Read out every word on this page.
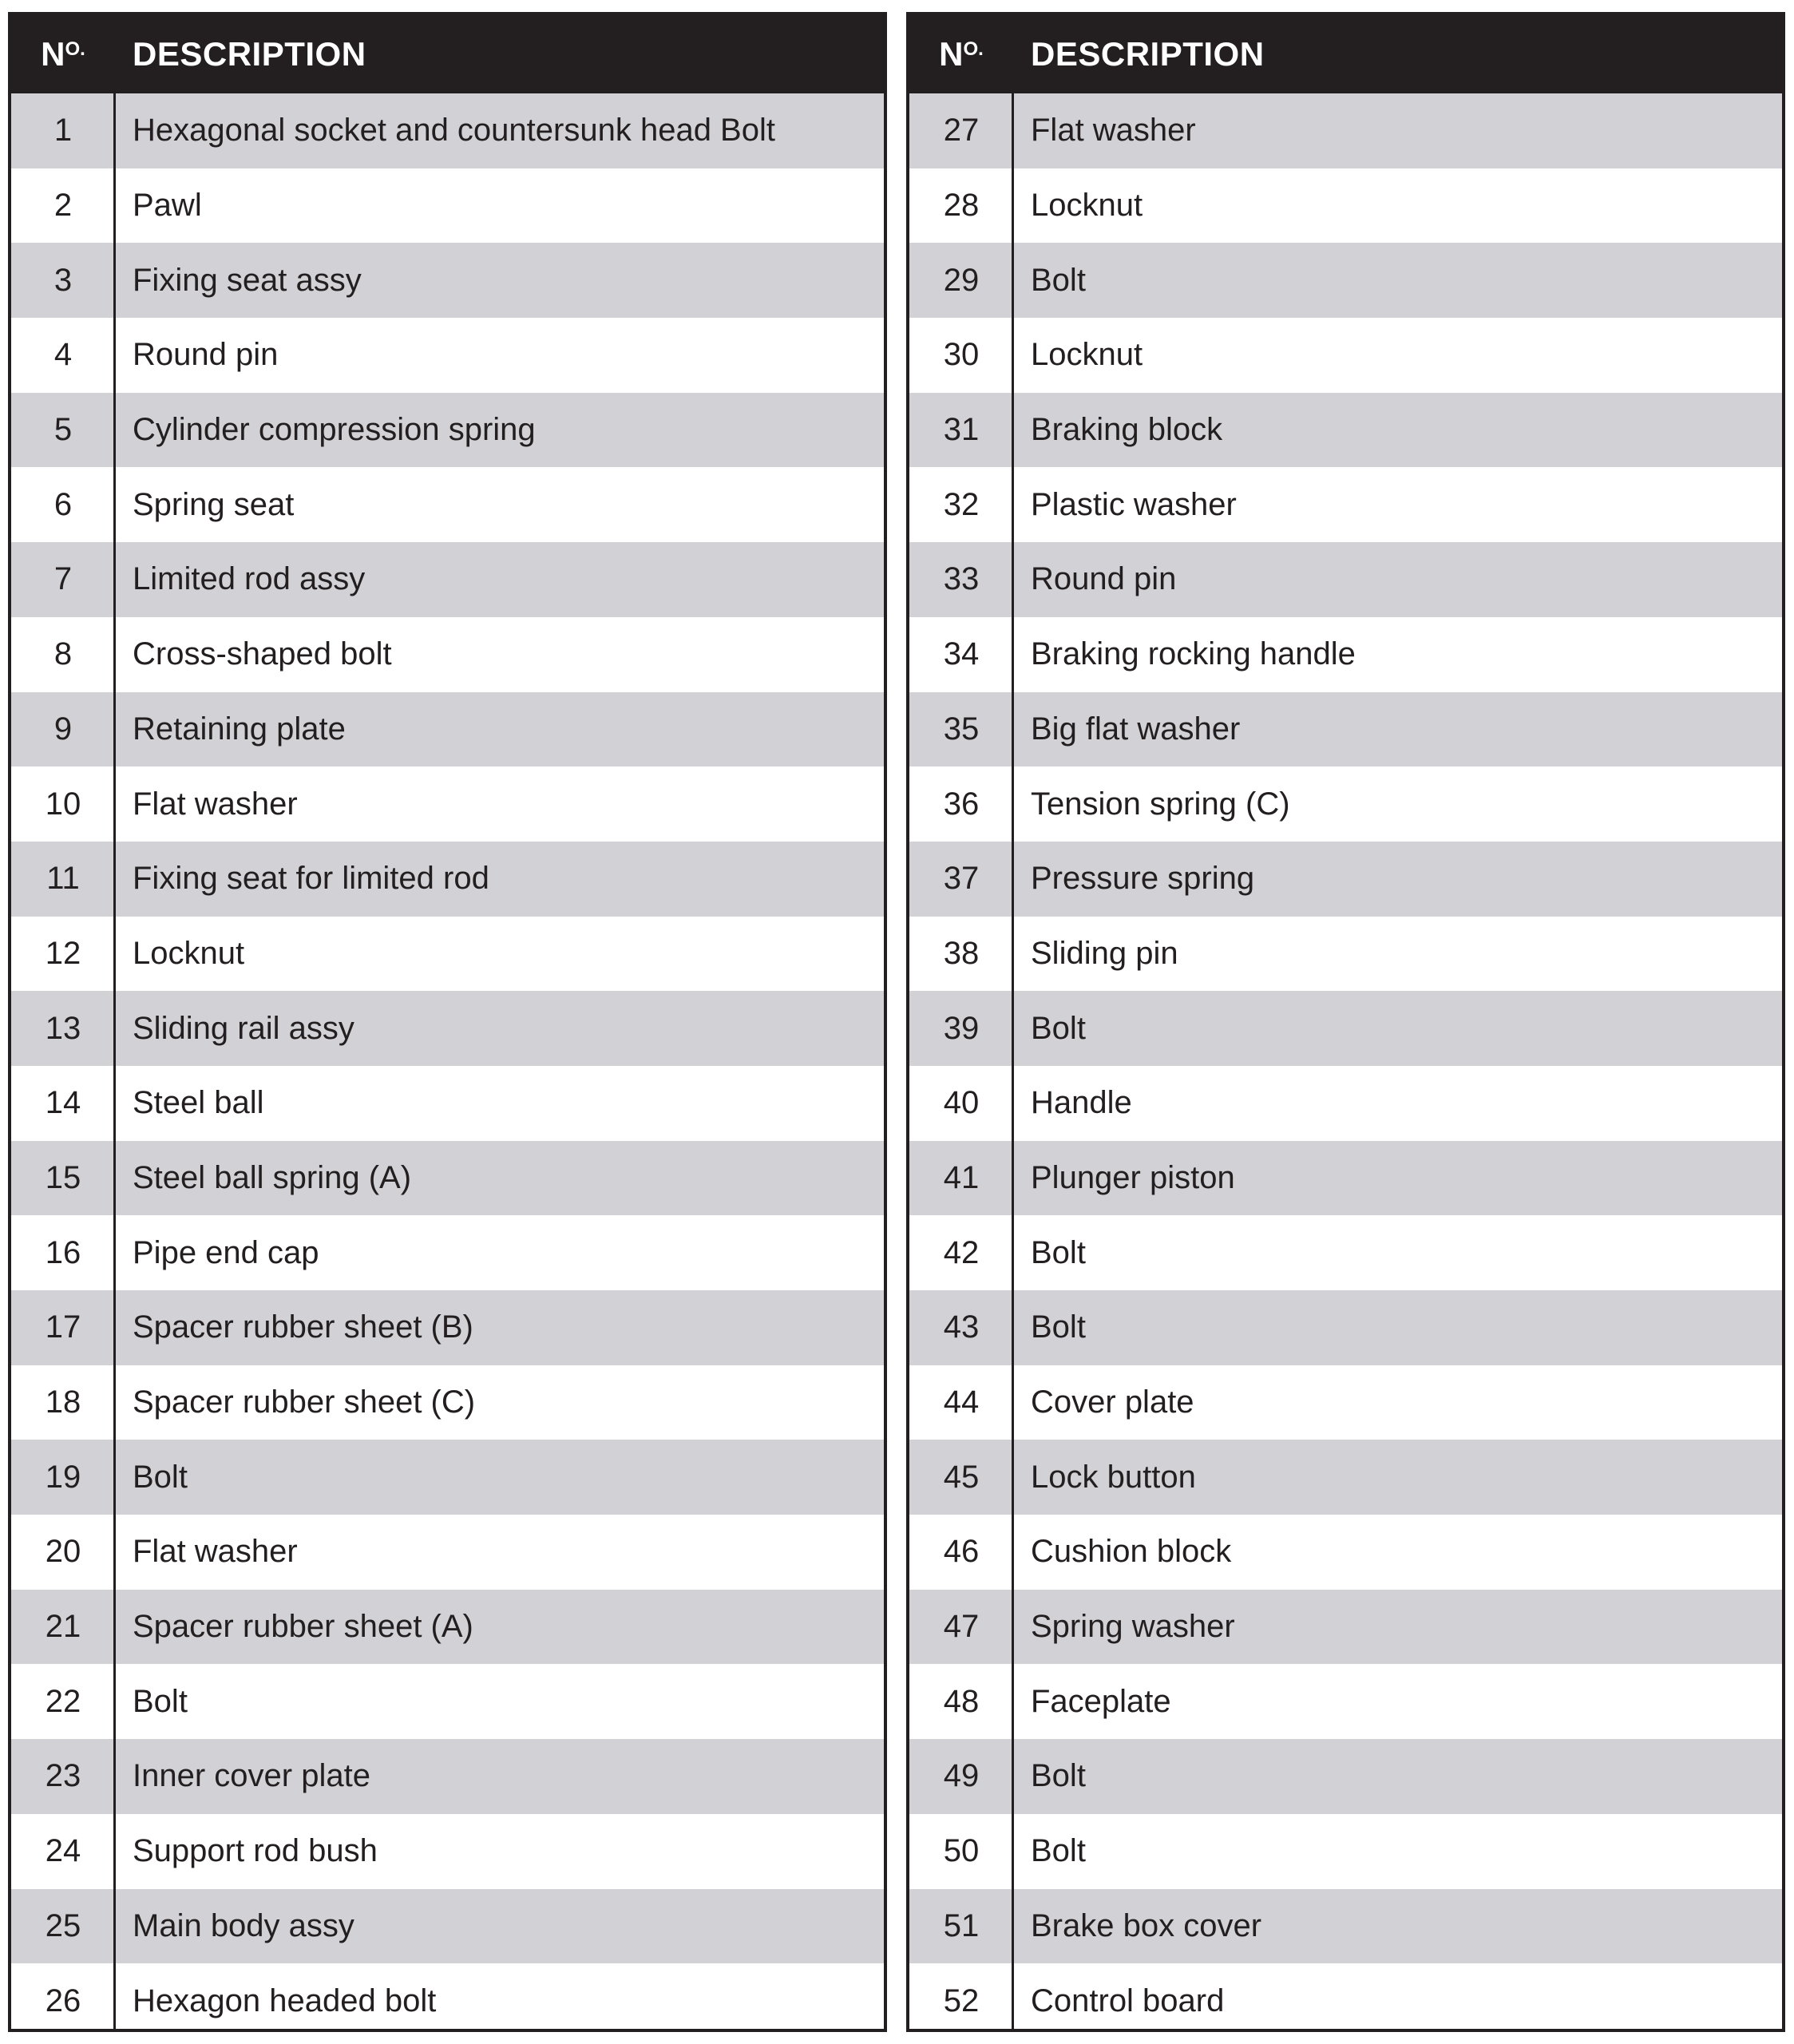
$N^{O.}$ DESCRIPTION
1	Hexagonal socket and countersunk head Bolt
2	Pawl
3	Fixing seat assy
4	Round pin
5	Cylinder compression spring
6	Spring seat
7	Limited rod assy
8	Cross-shaped bolt
9	Retaining plate
10	Flat washer
11	Fixing seat for limited rod
12	Locknut
13	Sliding rail assy
14	Steel ball
15	Steel ball spring (A)
16	Pipe end cap
17	Spacer rubber sheet (B)
18	Spacer rubber sheet (C)
19	Bolt
20	Flat washer
21	Spacer rubber sheet (A)
22	Bolt
23	Inner cover plate
24	Support rod bush
25	Main body assy
26	Hexagon headed bolt
$N^{O.}$ DESCRIPTION
27	Flat washer
28	Locknut
29	Bolt
30	Locknut
31	Braking block
32	Plastic washer
33	Round pin
34	Braking rocking handle
35	Big flat washer
36	Tension spring (C)
37	Pressure spring
38	Sliding pin
39	Bolt
40	Handle
41	Plunger piston
42	Bolt
43	Bolt
44	Cover plate
45	Lock button
46	Cushion block
47	Spring washer
48	Faceplate
49	Bolt
50	Bolt
51	Brake box cover
52	Control board
